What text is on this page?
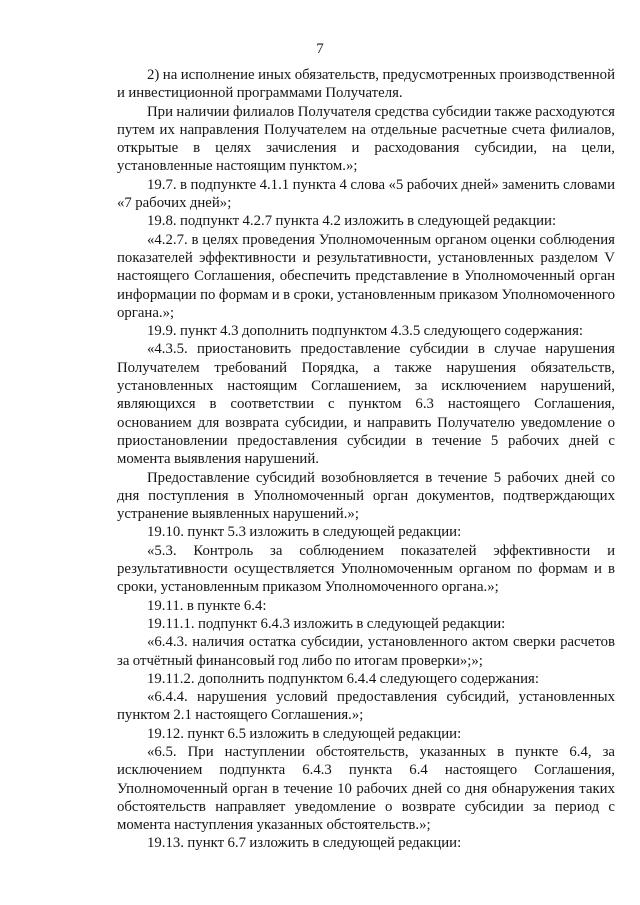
7

2) на исполнение иных обязательств, предусмотренных производственной и инвестиционной программами Получателя.

При наличии филиалов Получателя средства субсидии также расходуются путем их направления Получателем на отдельные расчетные счета филиалов, открытые в целях зачисления и расходования субсидии, на цели, установленные настоящим пунктом.»;

19.7. в подпункте 4.1.1 пункта 4 слова «5 рабочих дней» заменить словами «7 рабочих дней»;

19.8. подпункт 4.2.7 пункта 4.2 изложить в следующей редакции:

«4.2.7. в целях проведения Уполномоченным органом оценки соблюдения показателей эффективности и результативности, установленных разделом V настоящего Соглашения, обеспечить представление в Уполномоченный орган информации по формам и в сроки, установленным приказом Уполномоченного органа.»;

19.9. пункт 4.3 дополнить подпунктом 4.3.5 следующего содержания:

«4.3.5. приостановить предоставление субсидии в случае нарушения Получателем требований Порядка, а также нарушения обязательств, установленных настоящим Соглашением, за исключением нарушений, являющихся в соответствии с пунктом 6.3 настоящего Соглашения, основанием для возврата субсидии, и направить Получателю уведомление о приостановлении предоставления субсидии в течение 5 рабочих дней с момента выявления нарушений.

Предоставление субсидий возобновляется в течение 5 рабочих дней со дня поступления в Уполномоченный орган документов, подтверждающих устранение выявленных нарушений.»;

19.10. пункт 5.3 изложить в следующей редакции:

«5.3. Контроль за соблюдением показателей эффективности и результативности осуществляется Уполномоченным органом по формам и в сроки, установленным приказом Уполномоченного органа.»;

19.11. в пункте 6.4:

19.11.1. подпункт 6.4.3 изложить в следующей редакции:

«6.4.3. наличия остатка субсидии, установленного актом сверки расчетов за отчётный финансовый год либо по итогам проверки»;»;

19.11.2. дополнить подпунктом 6.4.4 следующего содержания:

«6.4.4. нарушения условий предоставления субсидий, установленных пунктом 2.1 настоящего Соглашения.»;

19.12. пункт 6.5 изложить в следующей редакции:

«6.5. При наступлении обстоятельств, указанных в пункте 6.4, за исключением подпункта 6.4.3 пункта 6.4 настоящего Соглашения, Уполномоченный орган в течение 10 рабочих дней со дня обнаружения таких обстоятельств направляет уведомление о возврате субсидии за период с момента наступления указанных обстоятельств.»;

19.13. пункт 6.7 изложить в следующей редакции:
